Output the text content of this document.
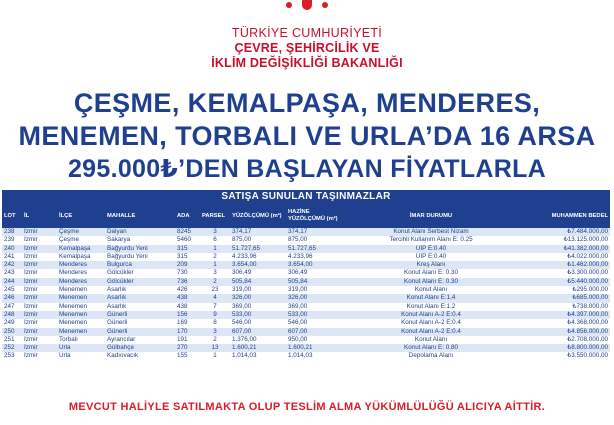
TÜRKİYE CUMHURİYETİ
ÇEVRE, ŞEHİRCİLİK VE
İKLİM DEĞİŞİKLİĞİ BAKANLIĞI
ÇEŞME, KEMALPAŞA, MENDERES,
MENEMEN, TORBALI VE URLA’DA 16 ARSA
295.000₺’DEN BAŞLAYAN FİYATLARLA
SATIŞA SUNULAN TAŞINMAZLAR
LOT	İL	İLÇE	MAHALLE	ADA	PARSEL	YÜZÖLÇÜMÜ (m²)	HAZİNE YÜZÖLÇÜMÜ (m²)	İMAR DURUMU	MUHAMMEN BEDEL
238	İzmir	Çeşme	Dalyan	8245	3	374,17	374,17	Konut Alanı Serbest Nizam	₺7.484.000,00
239	İzmir	Çeşme	Sakarya	5460	6	875,00	875,00	Tercihli Kullanım Alanı E: 0.25	₺13.125.000,00
240	İzmir	Kemalpaşa	Bağyurdu Yeni	315	1	51.727,65	51.727,65	UİP E:0.40	₺41.382.000,00
241	İzmir	Kemalpaşa	Bağyurdu Yeni	315	2	4.233,96	4.233,96	UİP E:0.40	₺4.022.000,00
242	İzmir	Menderes	Bulgurca	209	1	3.654,00	3.654,00	Kreş Alanı	₺1.462.000,00
243	İzmir	Menderes	Gölcükler	730	3	306,49	306,49	Konut Alanı E: 0.30	₺3.300.000,00
244	İzmir	Menderes	Gölcükler	736	2	505,84	505,84	Konut Alanı E: 0.30	₺5.440.000,00
245	İzmir	Menemen	Asarlık	426	23	319,00	319,00	Konut Alanı	₺295.000,00
246	İzmir	Menemen	Asarlık	438	4	326,00	326,00	Konut Alanı E:1,4	₺685.000,00
247	İzmir	Menemen	Asarlık	438	7	369,00	369,00	Konut Alanı E:1,2	₺738.000,00
248	İzmir	Menemen	Günerli	156	9	533,00	533,00	Konut Alanı A-2 E:0.4	₺4.397.000,00
249	İzmir	Menemen	Günerli	169	8	546,00	546,00	Konut Alanı A-2 E:0.4	₺4.368.000,00
250	İzmir	Menemen	Günerli	170	3	607,00	607,00	Konut Alanı A-2 E:0.4	₺4.856.000,00
251	İzmir	Torbalı	Ayrancılar	191	2	1.376,00	950,00	Konut Alanı	₺2.708.000,00
252	İzmir	Urla	Gülbahçe	270	13	1.600,21	1.600,21	Konut Alanı E: 0.80	₺8.800.000,00
253	İzmir	Urla	Kadıovacık	155	1	1.014,03	1.014,03	Depolama Alanı	₺3.550.000,00
MEVCUT HALİYLE SATILMAKTA OLUP TESLİM ALMA YÜKÜMLÜLÜĞÜ ALICIYA AİTTİR.
